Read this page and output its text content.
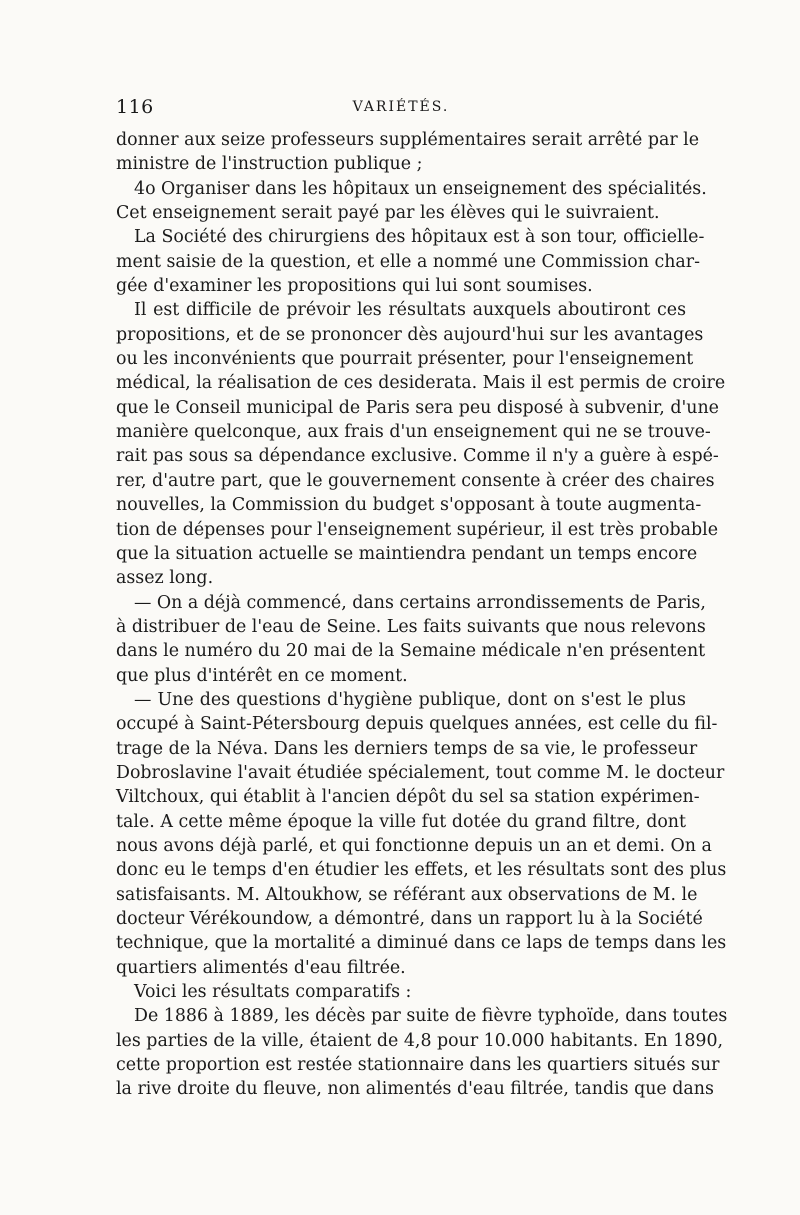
116	VARIÉTÉS.
donner aux seize professeurs supplémentaires serait arrêté par le
ministre de l'instruction publique ;
4o Organiser dans les hôpitaux un enseignement des spécialités.
Cet enseignement serait payé par les élèves qui le suivraient.
La Société des chirurgiens des hôpitaux est à son tour, officielle-
ment saisie de la question, et elle a nommé une Commission char-
gée d'examiner les propositions qui lui sont soumises.
Il est difficile de prévoir les résultats auxquels aboutiront ces
propositions, et de se prononcer dès aujourd'hui sur les avantages
ou les inconvénients que pourrait présenter, pour l'enseignement
médical, la réalisation de ces desiderata. Mais il est permis de croire
que le Conseil municipal de Paris sera peu disposé à subvenir, d'une
manière quelconque, aux frais d'un enseignement qui ne se trouve-
rait pas sous sa dépendance exclusive. Comme il n'y a guère à espé-
rer, d'autre part, que le gouvernement consente à créer des chaires
nouvelles, la Commission du budget s'opposant à toute augmenta-
tion de dépenses pour l'enseignement supérieur, il est très probable
que la situation actuelle se maintiendra pendant un temps encore
assez long.
— On a déjà commencé, dans certains arrondissements de Paris,
à distribuer de l'eau de Seine. Les faits suivants que nous relevons
dans le numéro du 20 mai de la Semaine médicale n'en présentent
que plus d'intérêt en ce moment.
— Une des questions d'hygiène publique, dont on s'est le plus
occupé à Saint-Pétersbourg depuis quelques années, est celle du fil-
trage de la Néva. Dans les derniers temps de sa vie, le professeur
Dobroslavine l'avait étudiée spécialement, tout comme M. le docteur
Viltchoux, qui établit à l'ancien dépôt du sel sa station expérimen-
tale. A cette même époque la ville fut dotée du grand filtre, dont
nous avons déjà parlé, et qui fonctionne depuis un an et demi. On a
donc eu le temps d'en étudier les effets, et les résultats sont des plus
satisfaisants. M. Altoukhow, se référant aux observations de M. le
docteur Vérékoundow, a démontré, dans un rapport lu à la Société
technique, que la mortalité a diminué dans ce laps de temps dans les
quartiers alimentés d'eau filtrée.
Voici les résultats comparatifs :
De 1886 à 1889, les décès par suite de fièvre typhoïde, dans toutes
les parties de la ville, étaient de 4,8 pour 10.000 habitants. En 1890,
cette proportion est restée stationnaire dans les quartiers situés sur
la rive droite du fleuve, non alimentés d'eau filtrée, tandis que dans
